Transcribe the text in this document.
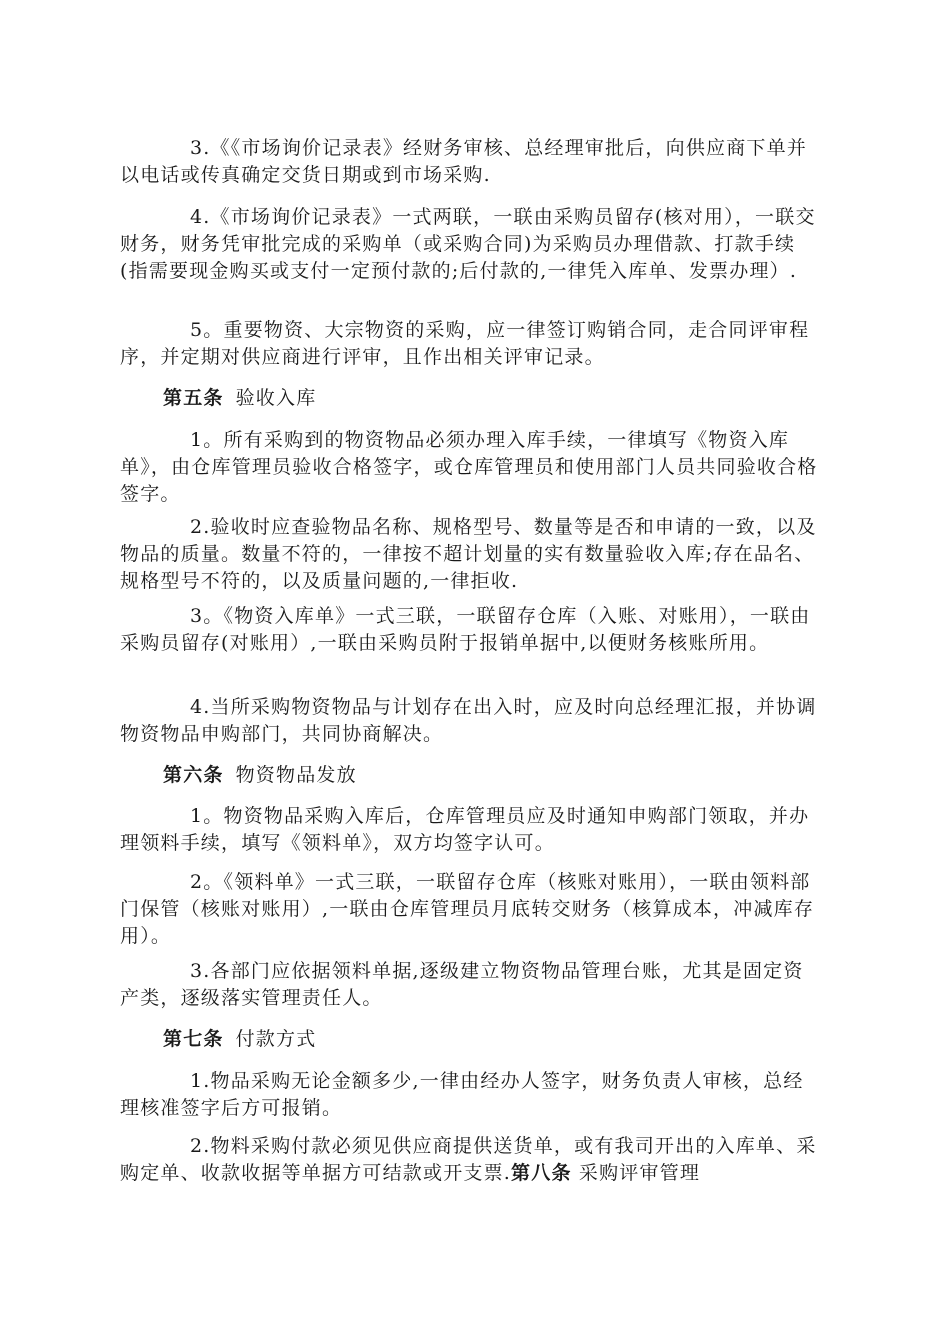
3.《《市场询价记录表》经财务审核、总经理审批后，向供应商下单并以电话或传真确定交货日期或到市场采购.

4.《市场询价记录表》一式两联，一联由采购员留存(核对用），一联交财务，财务凭审批完成的采购单（或采购合同)为采购员办理借款、打款手续(指需要现金购买或支付一定预付款的;后付款的,一律凭入库单、发票办理）.

5。重要物资、大宗物资的采购，应一律签订购销合同，走合同评审程序，并定期对供应商进行评审，且作出相关评审记录。

第五条 验收入库

1。所有采购到的物资物品必须办理入库手续，一律填写《物资入库单》，由仓库管理员验收合格签字，或仓库管理员和使用部门人员共同验收合格签字。

2.验收时应查验物品名称、规格型号、数量等是否和申请的一致，以及物品的质量。数量不符的，一律按不超计划量的实有数量验收入库;存在品名、规格型号不符的，以及质量问题的,一律拒收.

3。《物资入库单》一式三联，一联留存仓库（入账、对账用），一联由采购员留存(对账用）,一联由采购员附于报销单据中,以便财务核账所用。

4.当所采购物资物品与计划存在出入时，应及时向总经理汇报，并协调物资物品申购部门，共同协商解决。

第六条 物资物品发放

1。物资物品采购入库后，仓库管理员应及时通知申购部门领取，并办理领料手续，填写《领料单》，双方均签字认可。

2。《领料单》一式三联，一联留存仓库（核账对账用），一联由领料部门保管（核账对账用）,一联由仓库管理员月底转交财务（核算成本，冲减库存用）。

3.各部门应依据领料单据,逐级建立物资物品管理台账，尤其是固定资产类，逐级落实管理责任人。

第七条 付款方式

1.物品采购无论金额多少,一律由经办人签字，财务负责人审核，总经理核准签字后方可报销。

2.物料采购付款必须见供应商提供送货单，或有我司开出的入库单、采购定单、收款收据等单据方可结款或开支票.第八条 采购评审管理
